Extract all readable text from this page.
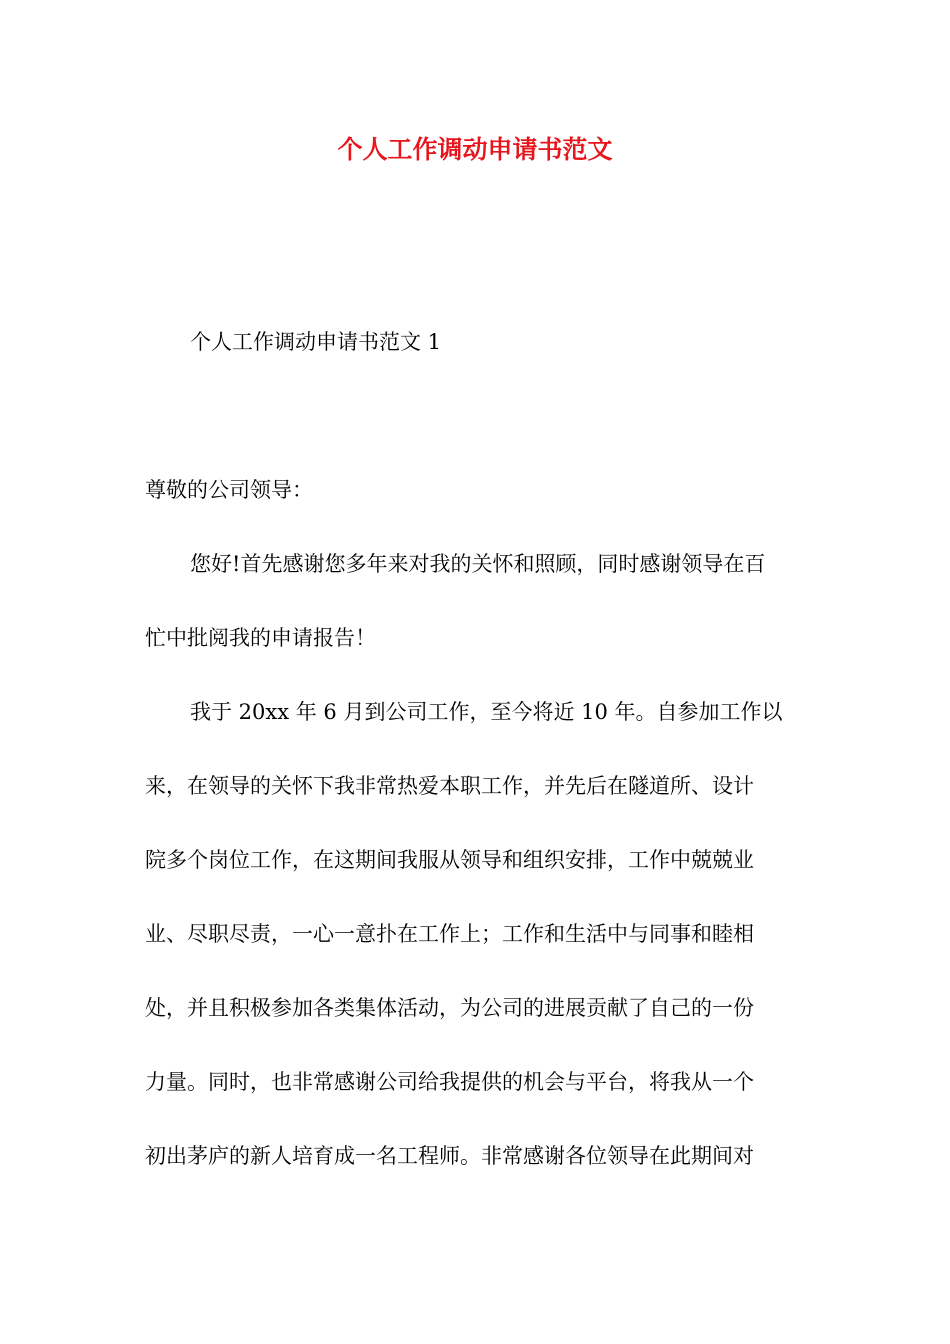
个人工作调动申请书范文

个人工作调动申请书范文 1

尊敬的公司领导：

您好!首先感谢您多年来对我的关怀和照顾，同时感谢领导在百
忙中批阅我的申请报告！
我于 20xx 年 6 月到公司工作，至今将近 10 年。自参加工作以
来，在领导的关怀下我非常热爱本职工作，并先后在隧道所、设计
院多个岗位工作，在这期间我服从领导和组织安排，工作中兢兢业
业、尽职尽责，一心一意扑在工作上；工作和生活中与同事和睦相
处，并且积极参加各类集体活动，为公司的进展贡献了自己的一份
力量。同时，也非常感谢公司给我提供的机会与平台，将我从一个
初出茅庐的新人培育成一名工程师。非常感谢各位领导在此期间对
